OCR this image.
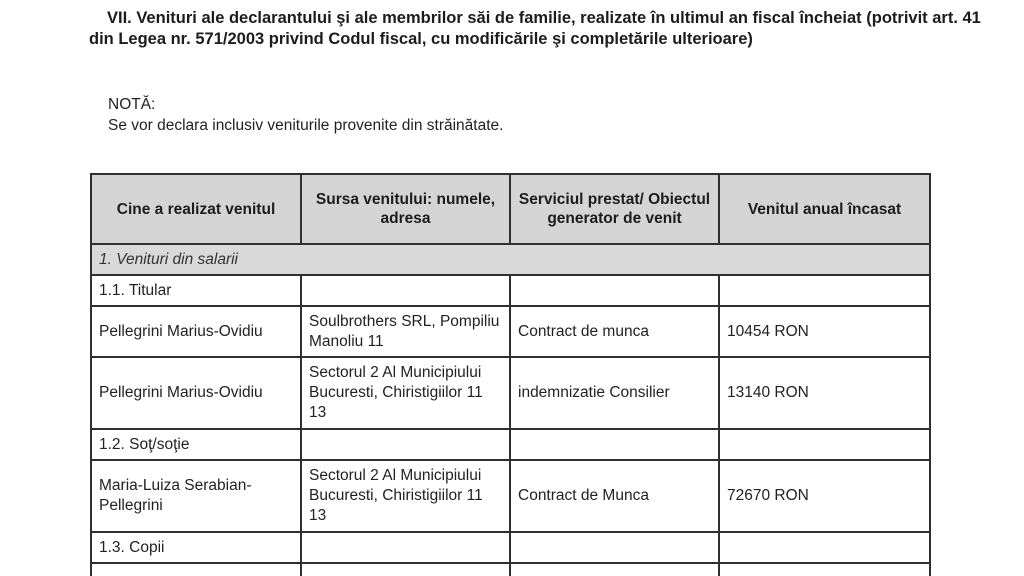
VII. Venituri ale declarantului şi ale membrilor săi de familie, realizate în ultimul an fiscal încheiat (potrivit art. 41 din Legea nr. 571/2003 privind Codul fiscal, cu modificările şi completările ulterioare)
NOTĂ:
Se vor declara inclusiv veniturile provenite din străinătate.
Cine a realizat venitul	Sursa venitului: numele, adresa	Serviciul prestat/ Obiectul generator de venit	Venitul anual încasat
1. Venituri din salarii			
1.1. Titular			
Pellegrini Marius-Ovidiu	Soulbrothers SRL, Pompiliu Manoliu 11	Contract de munca	10454 RON
Pellegrini Marius-Ovidiu	Sectorul 2 Al Municipiului Bucuresti, Chiristigiilor 11 13	indemnizatie Consilier	13140 RON
1.2. Soţ/soţie			
Maria-Luiza Serabian-Pellegrini	Sectorul 2 Al Municipiului Bucuresti, Chiristigiilor 11 13	Contract de Munca	72670 RON
1.3. Copii			
